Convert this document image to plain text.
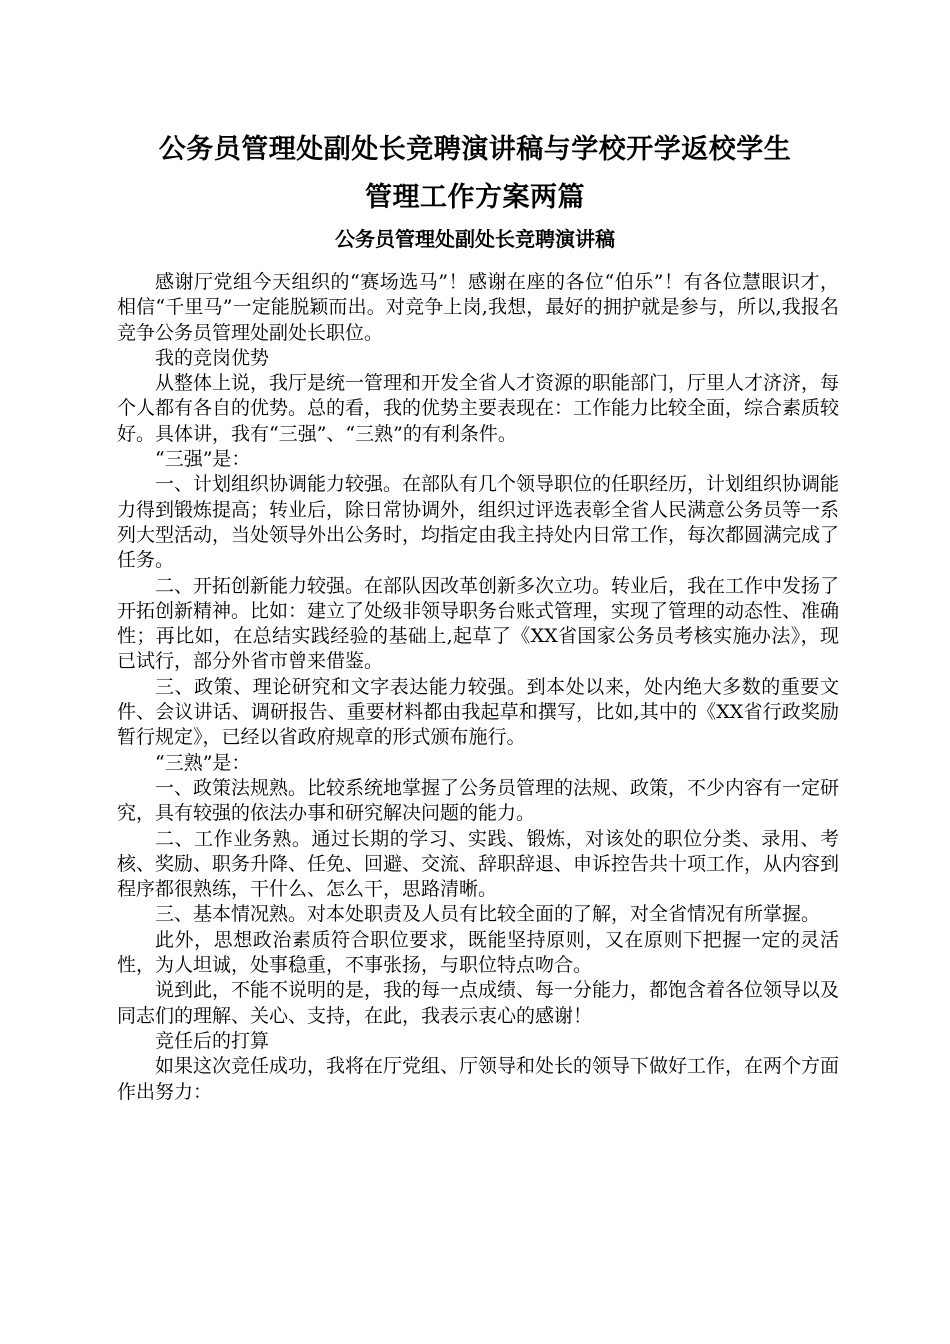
公务员管理处副处长竞聘演讲稿与学校开学返校学生
管理工作方案两篇
公务员管理处副处长竞聘演讲稿

感谢厅党组今天组织的“赛场选马”！感谢在座的各位“伯乐”！有各位慧眼识才，相信“千里马”一定能脱颖而出。对竞争上岗,我想，最好的拥护就是参与，所以,我报名竞争公务员管理处副处长职位。

我的竞岗优势

从整体上说，我厅是统一管理和开发全省人才资源的职能部门，厅里人才济济，每个人都有各自的优势。总的看，我的优势主要表现在：工作能力比较全面，综合素质较好。具体讲，我有“三强”、“三熟”的有利条件。

“三强”是：

一、计划组织协调能力较强。在部队有几个领导职位的任职经历，计划组织协调能力得到锻炼提高；转业后，除日常协调外，组织过评选表彰全省人民满意公务员等一系列大型活动，当处领导外出公务时，均指定由我主持处内日常工作，每次都圆满完成了任务。

二、开拓创新能力较强。在部队因改革创新多次立功。转业后，我在工作中发扬了开拓创新精神。比如：建立了处级非领导职务台账式管理，实现了管理的动态性、准确性；再比如，在总结实践经验的基础上,起草了《XX省国家公务员考核实施办法》，现已试行，部分外省市曾来借鉴。

三、政策、理论研究和文字表达能力较强。到本处以来，处内绝大多数的重要文件、会议讲话、调研报告、重要材料都由我起草和撰写，比如,其中的《XX省行政奖励暂行规定》，已经以省政府规章的形式颁布施行。

“三熟”是：

一、政策法规熟。比较系统地掌握了公务员管理的法规、政策，不少内容有一定研究，具有较强的依法办事和研究解决问题的能力。

二、工作业务熟。通过长期的学习、实践、锻炼，对该处的职位分类、录用、考核、奖励、职务升降、任免、回避、交流、辞职辞退、申诉控告共十项工作，从内容到程序都很熟练，干什么、怎么干，思路清晰。

三、基本情况熟。对本处职责及人员有比较全面的了解，对全省情况有所掌握。

此外，思想政治素质符合职位要求，既能坚持原则，又在原则下把握一定的灵活性，为人坦诚，处事稳重，不事张扬，与职位特点吻合。

说到此，不能不说明的是，我的每一点成绩、每一分能力，都饱含着各位领导以及同志们的理解、关心、支持，在此，我表示衷心的感谢！

竞任后的打算

如果这次竞任成功，我将在厅党组、厅领导和处长的领导下做好工作，在两个方面作出努力：
